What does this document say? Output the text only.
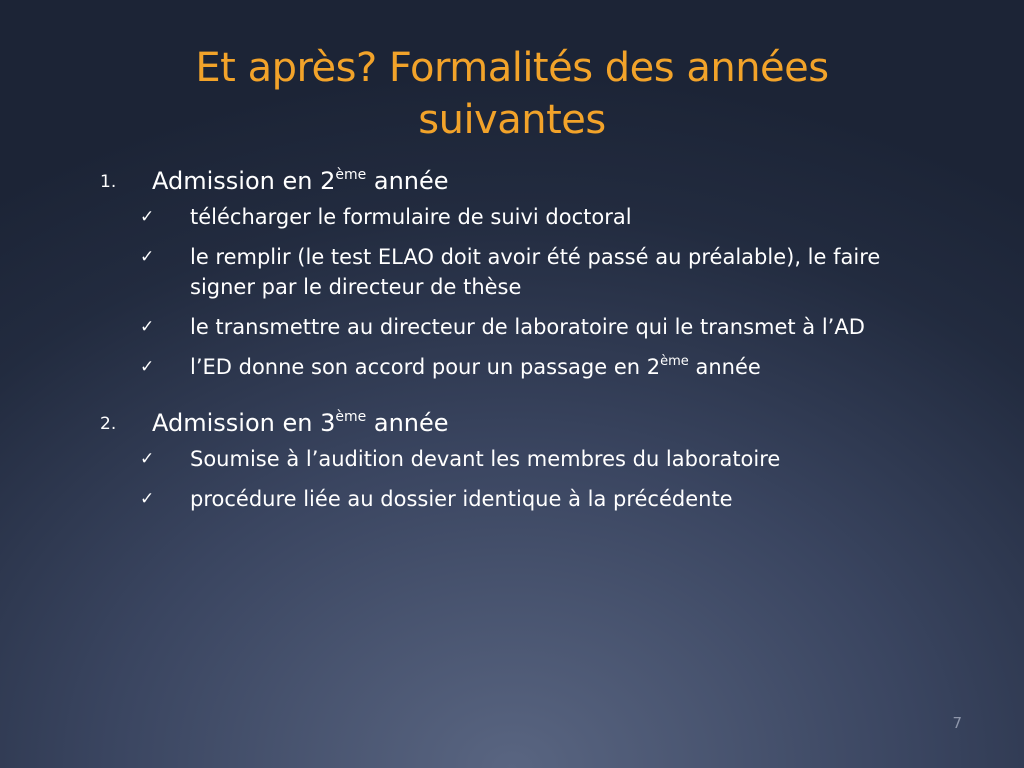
Et après? Formalités des années
suivantes
1. Admission en 2ème année
✓ télécharger le formulaire de suivi doctoral
✓ le remplir (le test ELAO doit avoir été passé au préalable), le faire signer par le directeur de thèse
✓ le transmettre au directeur de laboratoire qui le transmet à l’AD
✓ l’ED donne son accord pour un passage en 2ème année
2. Admission en 3ème année
✓ Soumise à l’audition devant les membres du laboratoire
✓ procédure liée au dossier identique à la précédente
7
